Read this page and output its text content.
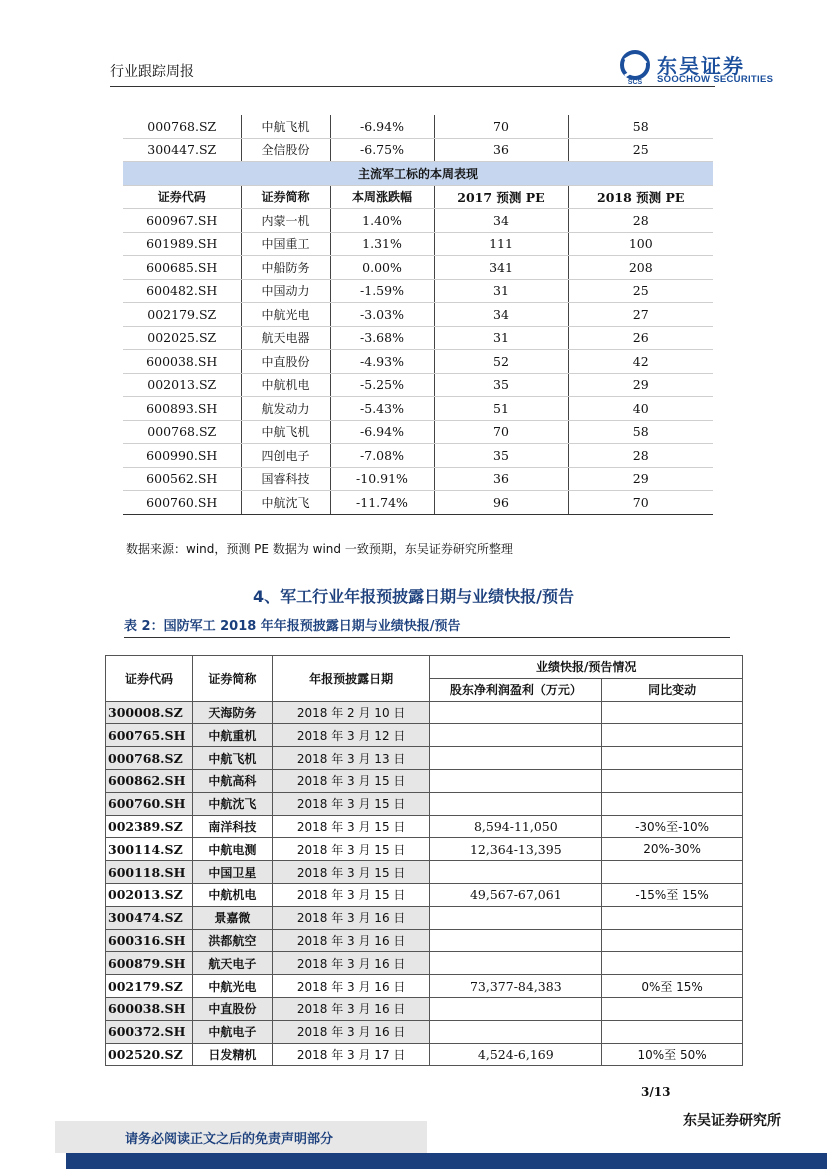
行业跟踪周报
SCS
东吴证券
SOOCHOW SECURITIES
000768.SZ	中航飞机	-6.94%	70	58
300447.SZ	全信股份	-6.75%	36	25
主流军工标的本周表现				
证券代码	证券简称	本周涨跌幅	2017 预测 PE	2018 预测 PE
600967.SH	内蒙一机	1.40%	34	28
601989.SH	中国重工	1.31%	111	100
600685.SH	中船防务	0.00%	341	208
600482.SH	中国动力	-1.59%	31	25
002179.SZ	中航光电	-3.03%	34	27
002025.SZ	航天电器	-3.68%	31	26
600038.SH	中直股份	-4.93%	52	42
002013.SZ	中航机电	-5.25%	35	29
600893.SH	航发动力	-5.43%	51	40
000768.SZ	中航飞机	-6.94%	70	58
600990.SH	四创电子	-7.08%	35	28
600562.SH	国睿科技	-10.91%	36	29
600760.SH	中航沈飞	-11.74%	96	70
数据来源：wind，预测 PE 数据为 wind 一致预期，东吴证券研究所整理
4、军工行业年报预披露日期与业绩快报/预告
表 2：国防军工 2018 年年报预披露日期与业绩快报/预告
证券代码	证券简称	年报预披露日期	业绩快报/预告情况	
			股东净利润盈利（万元）	同比变动
300008.SZ	天海防务	2018 年 2 月 10 日		
600765.SH	中航重机	2018 年 3 月 12 日		
000768.SZ	中航飞机	2018 年 3 月 13 日		
600862.SH	中航高科	2018 年 3 月 15 日		
600760.SH	中航沈飞	2018 年 3 月 15 日		
002389.SZ	南洋科技	2018 年 3 月 15 日	8,594-11,050	-30%至-10%
300114.SZ	中航电测	2018 年 3 月 15 日	12,364-13,395	20%-30%
600118.SH	中国卫星	2018 年 3 月 15 日		
002013.SZ	中航机电	2018 年 3 月 15 日	49,567-67,061	-15%至 15%
300474.SZ	景嘉微	2018 年 3 月 16 日		
600316.SH	洪都航空	2018 年 3 月 16 日		
600879.SH	航天电子	2018 年 3 月 16 日		
002179.SZ	中航光电	2018 年 3 月 16 日	73,377-84,383	0%至 15%
600038.SH	中直股份	2018 年 3 月 16 日		
600372.SH	中航电子	2018 年 3 月 16 日		
002520.SZ	日发精机	2018 年 3 月 17 日	4,524-6,169	10%至 50%
3/13
东吴证券研究所
请务必阅读正文之后的免责声明部分
